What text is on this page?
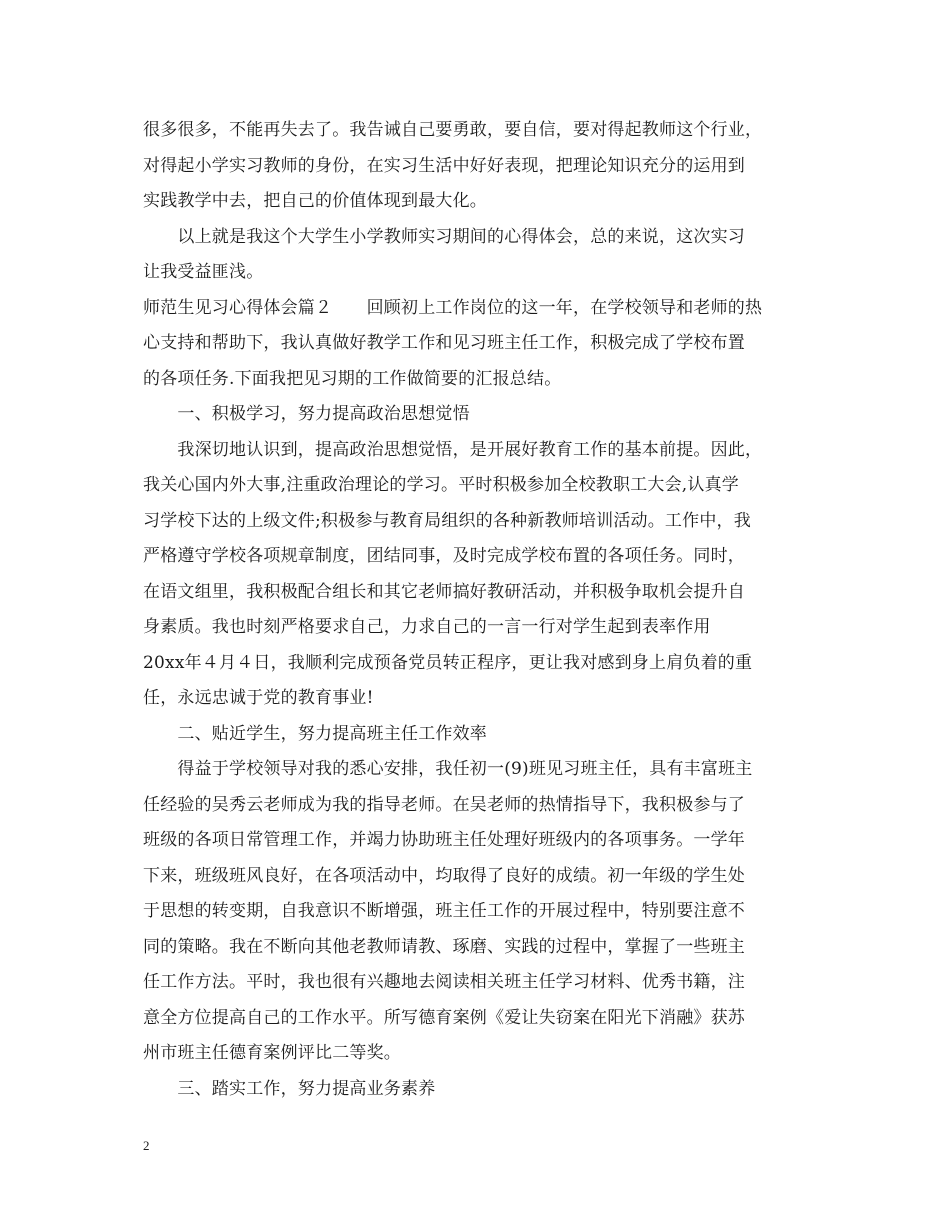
很多很多，不能再失去了。我告诫自己要勇敢，要自信，要对得起教师这个行业，
对得起小学实习教师的身份，在实习生活中好好表现，把理论知识充分的运用到
实践教学中去，把自己的价值体现到最大化。
　　以上就是我这个大学生小学教师实习期间的心得体会，总的来说，这次实习
让我受益匪浅。
师范生见习心得体会篇２　　回顾初上工作岗位的这一年，在学校领导和老师的热
心支持和帮助下，我认真做好教学工作和见习班主任工作，积极完成了学校布置
的各项任务.下面我把见习期的工作做简要的汇报总结。
　　一、积极学习，努力提高政治思想觉悟
　　我深切地认识到，提高政治思想觉悟，是开展好教育工作的基本前提。因此，
我关心国内外大事,注重政治理论的学习。平时积极参加全校教职工大会,认真学
习学校下达的上级文件;积极参与教育局组织的各种新教师培训活动。工作中，我
严格遵守学校各项规章制度，团结同事，及时完成学校布置的各项任务。同时，
在语文组里，我积极配合组长和其它老师搞好教研活动，并积极争取机会提升自
身素质。我也时刻严格要求自己，力求自己的一言一行对学生起到表率作用
20xx年４月４日，我顺利完成预备党员转正程序，更让我对感到身上肩负着的重
任，永远忠诚于党的教育事业!
　　二、贴近学生，努力提高班主任工作效率
　　得益于学校领导对我的悉心安排，我任初一(9)班见习班主任，具有丰富班主
任经验的吴秀云老师成为我的指导老师。在吴老师的热情指导下，我积极参与了
班级的各项日常管理工作，并竭力协助班主任处理好班级内的各项事务。一学年
下来，班级班风良好，在各项活动中，均取得了良好的成绩。初一年级的学生处
于思想的转变期，自我意识不断增强，班主任工作的开展过程中，特别要注意不
同的策略。我在不断向其他老教师请教、琢磨、实践的过程中，掌握了一些班主
任工作方法。平时，我也很有兴趣地去阅读相关班主任学习材料、优秀书籍，注
意全方位提高自己的工作水平。所写德育案例《爱让失窃案在阳光下消融》获苏
州市班主任德育案例评比二等奖。
　　三、踏实工作，努力提高业务素养
2
